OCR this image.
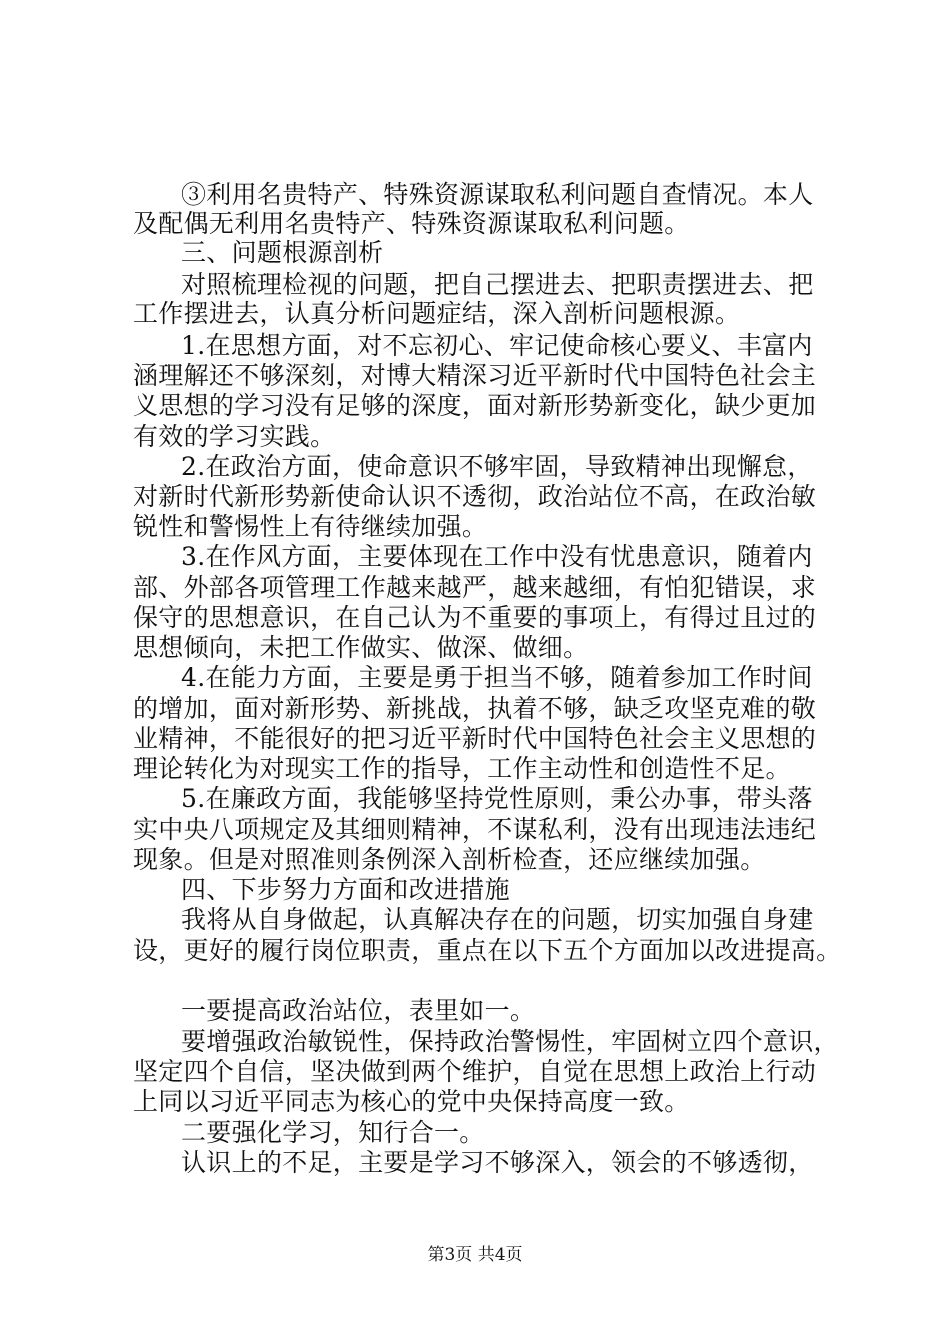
③利用名贵特产、特殊资源谋取私利问题自查情况。本人
及配偶无利用名贵特产、特殊资源谋取私利问题。
三、问题根源剖析
对照梳理检视的问题，把自己摆进去、把职责摆进去、把
工作摆进去，认真分析问题症结，深入剖析问题根源。
1.在思想方面，对不忘初心、牢记使命核心要义、丰富内
涵理解还不够深刻，对博大精深习近平新时代中国特色社会主
义思想的学习没有足够的深度，面对新形势新变化，缺少更加
有效的学习实践。
2.在政治方面，使命意识不够牢固，导致精神出现懈怠，
对新时代新形势新使命认识不透彻，政治站位不高，在政治敏
锐性和警惕性上有待继续加强。
3.在作风方面，主要体现在工作中没有忧患意识，随着内
部、外部各项管理工作越来越严，越来越细，有怕犯错误，求
保守的思想意识，在自己认为不重要的事项上，有得过且过的
思想倾向，未把工作做实、做深、做细。
4.在能力方面，主要是勇于担当不够，随着参加工作时间
的增加，面对新形势、新挑战，执着不够，缺乏攻坚克难的敬
业精神，不能很好的把习近平新时代中国特色社会主义思想的
理论转化为对现实工作的指导，工作主动性和创造性不足。
5.在廉政方面，我能够坚持党性原则，秉公办事，带头落
实中央八项规定及其细则精神，不谋私利，没有出现违法违纪
现象。但是对照准则条例深入剖析检查，还应继续加强。
四、下步努力方面和改进措施
我将从自身做起，认真解决存在的问题，切实加强自身建
设，更好的履行岗位职责，重点在以下五个方面加以改进提高。
一要提高政治站位，表里如一。
要增强政治敏锐性，保持政治警惕性，牢固树立四个意识，
坚定四个自信，坚决做到两个维护，自觉在思想上政治上行动
上同以习近平同志为核心的党中央保持高度一致。
二要强化学习，知行合一。
认识上的不足，主要是学习不够深入，领会的不够透彻，
第3页 共4页
